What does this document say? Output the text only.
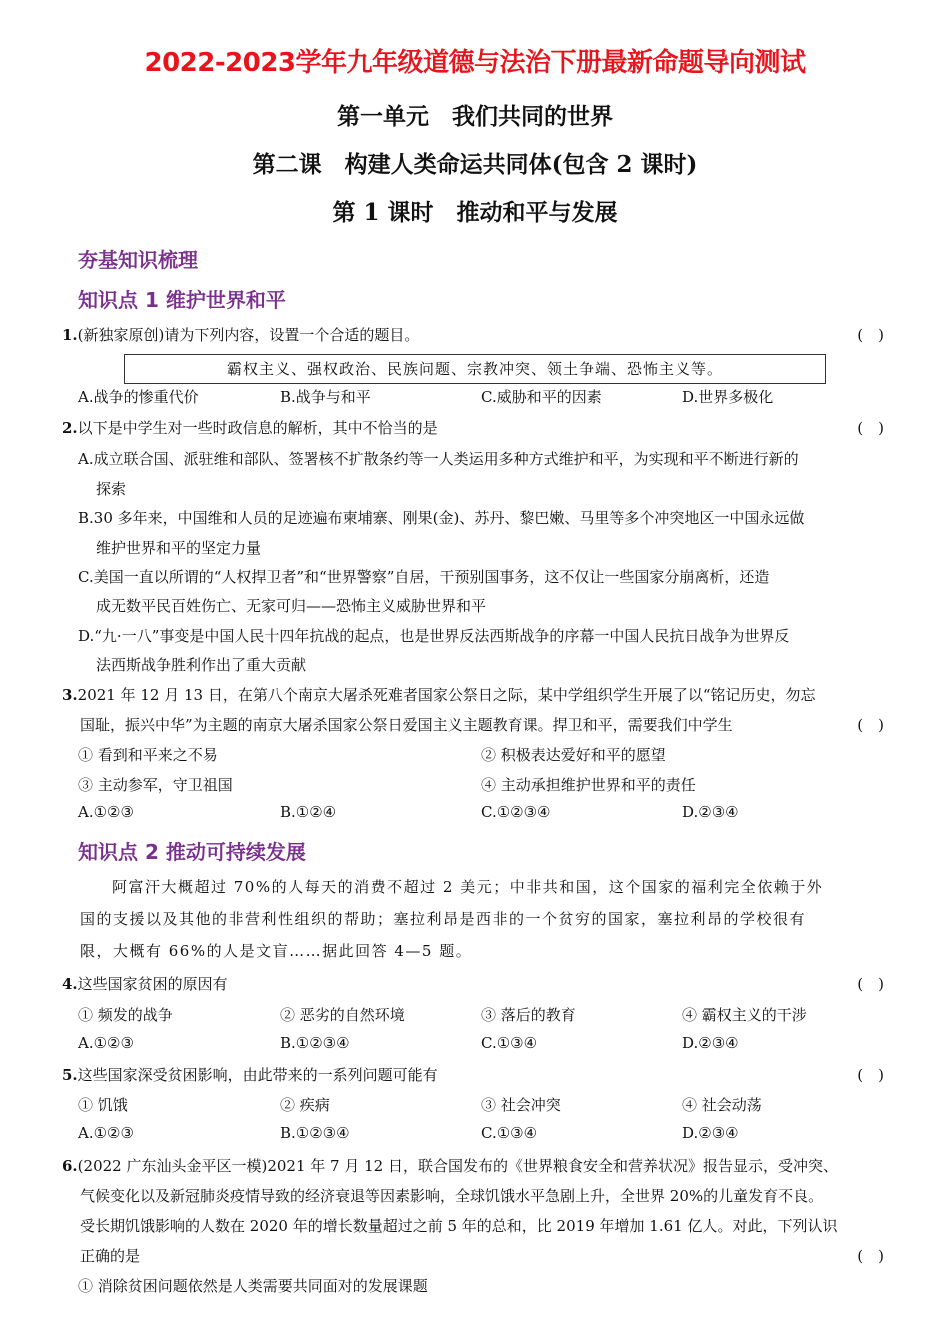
2022-2023学年九年级道德与法治下册最新命题导向测试
第一单元　我们共同的世界
第二课　构建人类命运共同体(包含 2 课时)
第 1 课时　推动和平与发展
夯基知识梳理
知识点 1 维护世界和平
1.(新独家原创)请为下列内容，设置一个合适的题目。	(　)
霸权主义、强权政治、民族问题、宗教冲突、领土争端、恐怖主义等。
A.战争的惨重代价	B.战争与和平	C.威胁和平的因素	D.世界多极化
2.以下是中学生对一些时政信息的解析，其中不恰当的是	(　)
A.成立联合国、派驻维和部队、签署核不扩散条约等一人类运用多种方式维护和平，为实现和平不断进行新的
探索
B.30 多年来，中国维和人员的足迹遍布柬埔寨、刚果(金)、苏丹、黎巴嫩、马里等多个冲突地区一中国永远做
维护世界和平的坚定力量
C.美国一直以所谓的“人权捍卫者”和“世界警察”自居，干预别国事务，这不仅让一些国家分崩离析，还造
成无数平民百姓伤亡、无家可归——恐怖主义威胁世界和平
D.“九·一八”事变是中国人民十四年抗战的起点，也是世界反法西斯战争的序幕一中国人民抗日战争为世界反
法西斯战争胜利作出了重大贡献
3.2021 年 12 月 13 日，在第八个南京大屠杀死难者国家公祭日之际，某中学组织学生开展了以“铭记历史，勿忘
国耻，振兴中华”为主题的南京大屠杀国家公祭日爱国主义主题教育课。捍卫和平，需要我们中学生	(　)
① 看到和平来之不易	② 积极表达爱好和平的愿望
③ 主动参军，守卫祖国	④ 主动承担维护世界和平的责任
A.①②③	B.①②④	C.①②③④	D.②③④
知识点 2 推动可持续发展
阿富汗大概超过 70%的人每天的消费不超过 2 美元；中非共和国，这个国家的福利完全依赖于外
国的支援以及其他的非营利性组织的帮助；塞拉利昂是西非的一个贫穷的国家，塞拉利昂的学校很有
限，大概有 66%的人是文盲……据此回答 4—5 题。
4.这些国家贫困的原因有	(　)
① 频发的战争	② 恶劣的自然环境	③ 落后的教育	④ 霸权主义的干涉
A.①②③	B.①②③④	C.①③④	D.②③④
5.这些国家深受贫困影响，由此带来的一系列问题可能有	(　)
① 饥饿	② 疾病	③ 社会冲突	④ 社会动荡
A.①②③	B.①②③④	C.①③④	D.②③④
6.(2022 广东汕头金平区一模)2021 年 7 月 12 日，联合国发布的《世界粮食安全和营养状况》报告显示，受冲突、
气候变化以及新冠肺炎疫情导致的经济衰退等因素影响，全球饥饿水平急剧上升，全世界 20%的儿童发育不良。
受长期饥饿影响的人数在 2020 年的增长数量超过之前 5 年的总和，比 2019 年增加 1.61 亿人。对此，下列认识
正确的是	(　)
① 消除贫困问题依然是人类需要共同面对的发展课题
